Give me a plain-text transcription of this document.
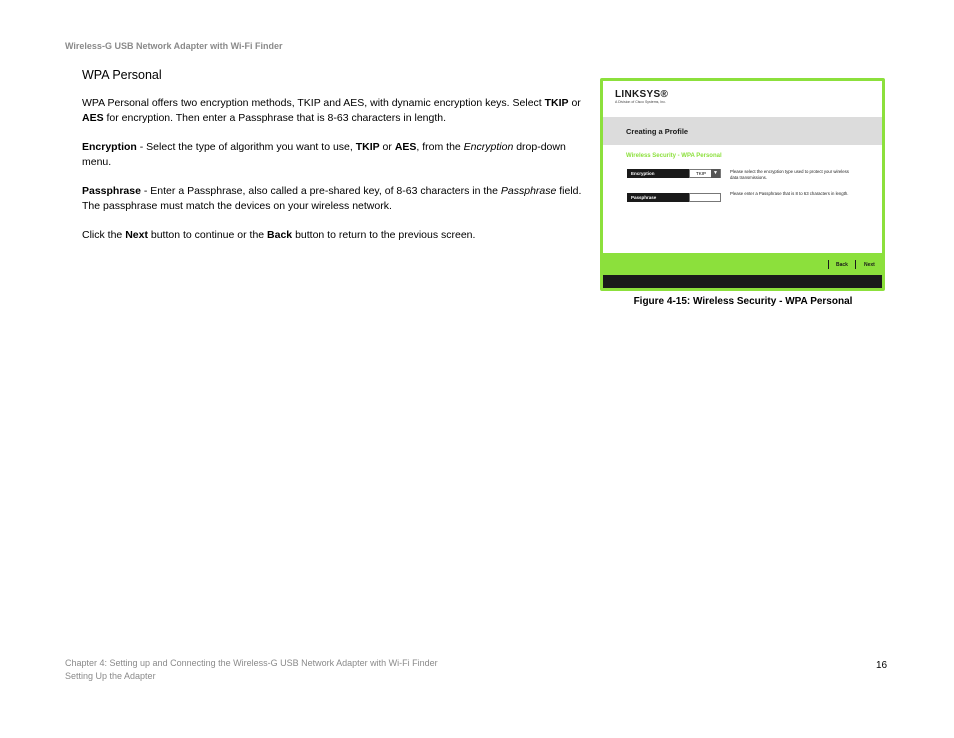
Wireless-G USB Network Adapter with Wi-Fi Finder
WPA Personal

WPA Personal offers two encryption methods, TKIP and AES, with dynamic encryption keys. Select TKIP or AES for encryption. Then enter a Passphrase that is 8-63 characters in length.

Encryption - Select the type of algorithm you want to use, TKIP or AES, from the Encryption drop-down menu.

Passphrase - Enter a Passphrase, also called a pre-shared key, of 8-63 characters in the Passphrase field. The passphrase must match the devices on your wireless network.

Click the Next button to continue or the Back button to return to the previous screen.

LINKSYS®
A Division of Cisco Systems, Inc.
Creating a Profile
Wireless Security - WPA Personal
Encryption	TKIP	▼	Please select the encryption type used to protect your wireless data transmissions.
Passphrase
Please enter a Passphrase that is 8 to 63 characters in length.
Back	Next
Figure 4-15: Wireless Security - WPA Personal
Chapter 4: Setting up and Connecting the Wireless-G USB Network Adapter with Wi-Fi Finder
Setting Up the Adapter
16
